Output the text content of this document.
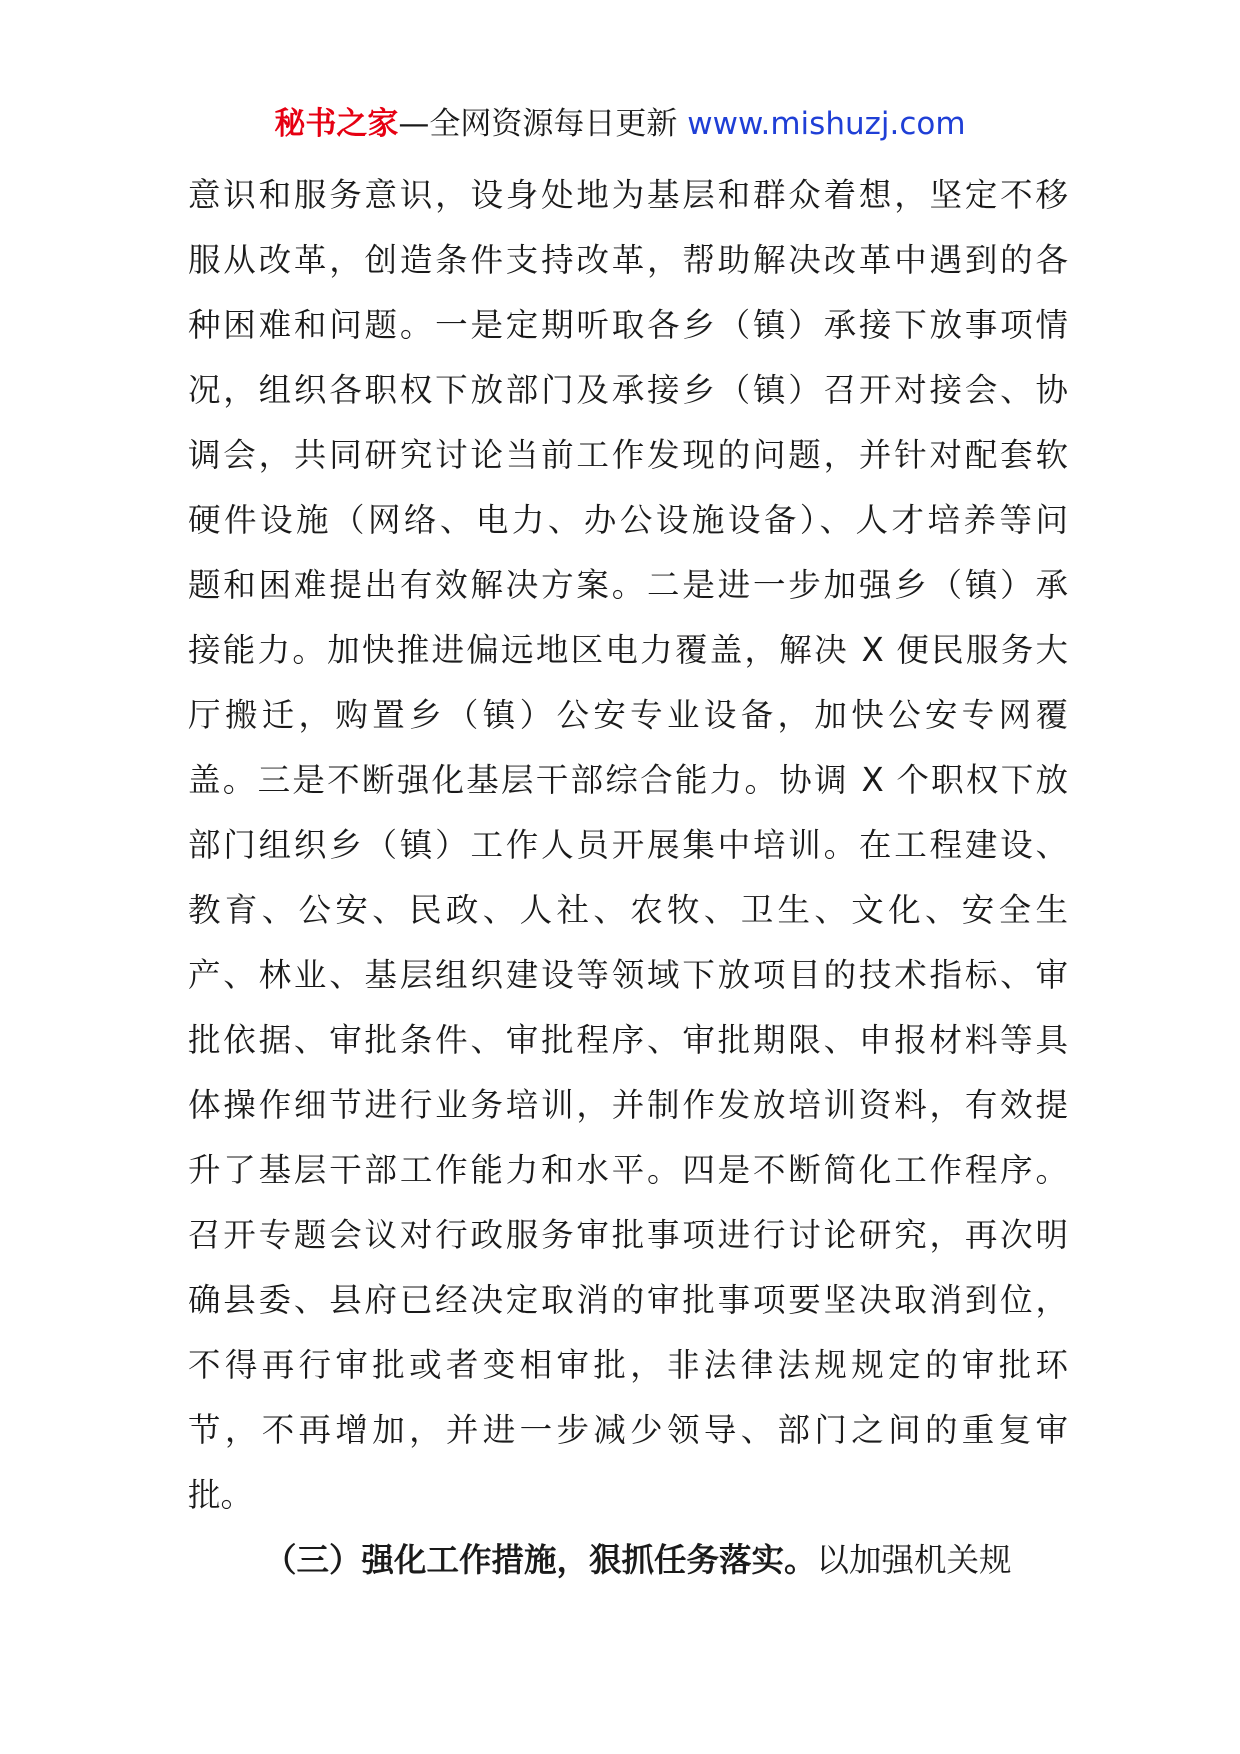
秘书之家—全网资源每日更新 www.mishuzj.com
意识和服务意识，设身处地为基层和群众着想，坚定不移
服从改革，创造条件支持改革，帮助解决改革中遇到的各
种困难和问题。一是定期听取各乡（镇）承接下放事项情
况，组织各职权下放部门及承接乡（镇）召开对接会、协
调会，共同研究讨论当前工作发现的问题，并针对配套软
硬件设施（网络、电力、办公设施设备）、人才培养等问
题和困难提出有效解决方案。二是进一步加强乡（镇）承
接能力。加快推进偏远地区电力覆盖，解决 X 便民服务大
厅搬迁，购置乡（镇）公安专业设备，加快公安专网覆
盖。三是不断强化基层干部综合能力。协调 X 个职权下放
部门组织乡（镇）工作人员开展集中培训。在工程建设、
教育、公安、民政、人社、农牧、卫生、文化、安全生
产、林业、基层组织建设等领域下放项目的技术指标、审
批依据、审批条件、审批程序、审批期限、申报材料等具
体操作细节进行业务培训，并制作发放培训资料，有效提
升了基层干部工作能力和水平。四是不断简化工作程序。
召开专题会议对行政服务审批事项进行讨论研究，再次明
确县委、县府已经决定取消的审批事项要坚决取消到位，
不得再行审批或者变相审批，非法律法规规定的审批环
节，不再增加，并进一步减少领导、部门之间的重复审
批。
（三）强化工作措施，狠抓任务落实。以加强机关规
